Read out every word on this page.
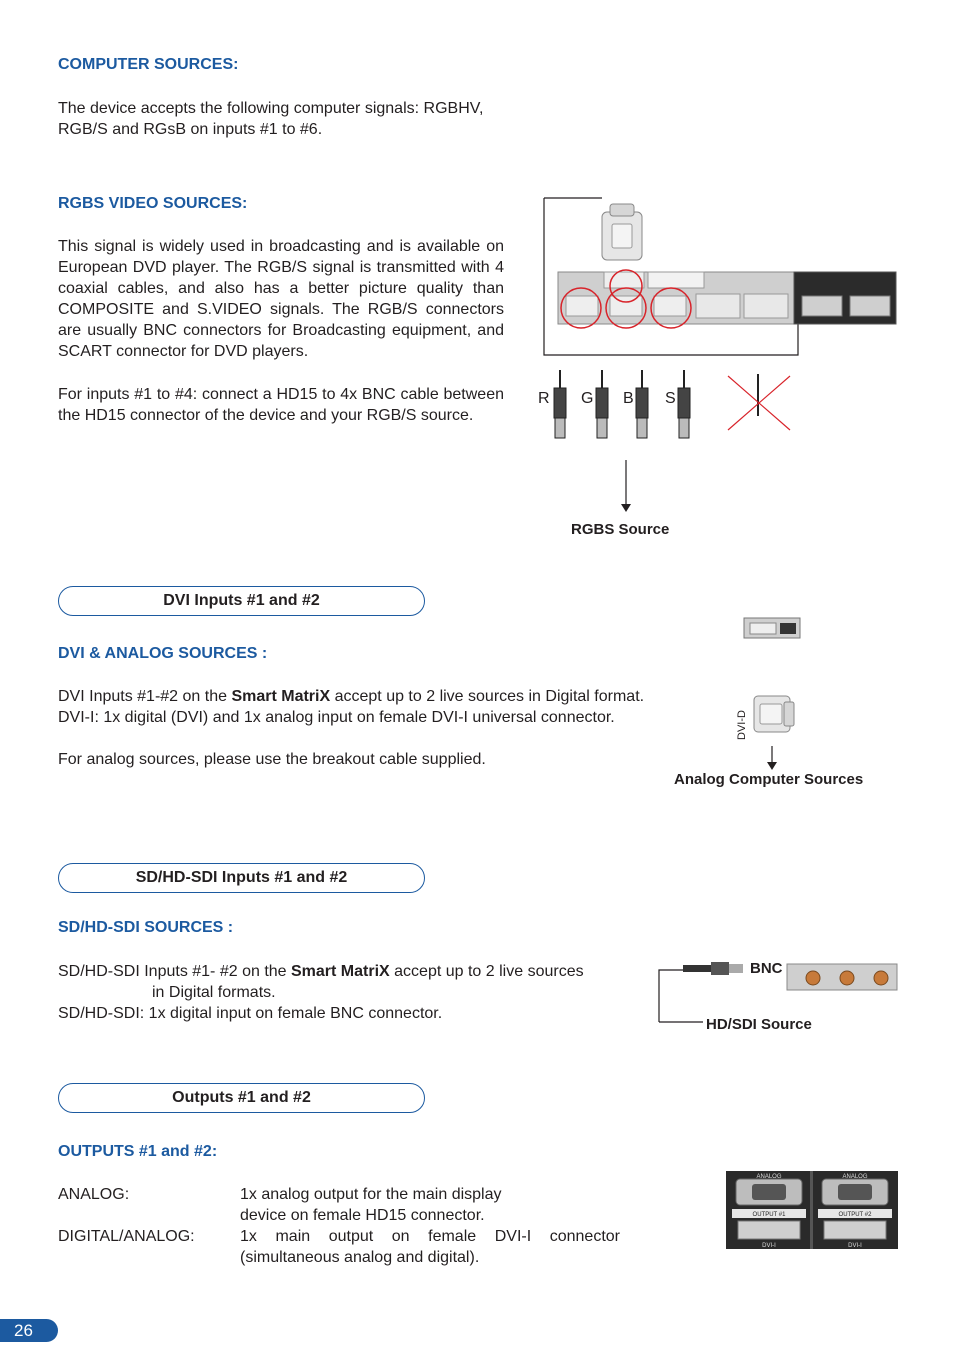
COMPUTER SOURCES:
The device accepts the following computer signals: RGBHV,
RGB/S and RGsB on inputs #1 to #6.
RGBS VIDEO SOURCES:
This signal is widely used in broadcasting and is available on European DVD player. The RGB/S signal is transmitted with 4 coaxial cables, and also has a better picture quality than COMPOSITE and S.VIDEO signals. The RGB/S connectors are usually BNC connectors for Broadcasting equipment, and SCART connector for DVD players.
For inputs #1 to #4: connect a HD15 to 4x BNC cable between the HD15 connector of the device and your RGB/S source.
R G B S
RGBS Source
DVI Inputs #1 and #2
DVI & ANALOG SOURCES :
DVI Inputs #1-#2 on the Smart MatriX accept up to 2 live sources in Digital format.
DVI-I: 1x digital (DVI) and 1x analog input on female DVI-I universal connector.
For analog sources, please use the breakout cable supplied.
DVI-D
Analog Computer Sources
SD/HD-SDI Inputs #1 and #2
SD/HD-SDI SOURCES :
SD/HD-SDI Inputs #1- #2 on the Smart MatriX accept up to 2 live sources
in Digital formats.
SD/HD-SDI: 1x digital input on female BNC connector.
BNC
HD/SDI Source
Outputs #1 and #2
OUTPUTS #1 and #2:
ANALOG:	1x analog output for the main display
device on female HD15 connector.
DIGITAL/ANALOG:	1x main output on female DVI-I connector
(simultaneous analog and digital).
ANALOG	ANALOG
OUTPUT #1	OUTPUT #2
DVI-I	DVI-I
26
